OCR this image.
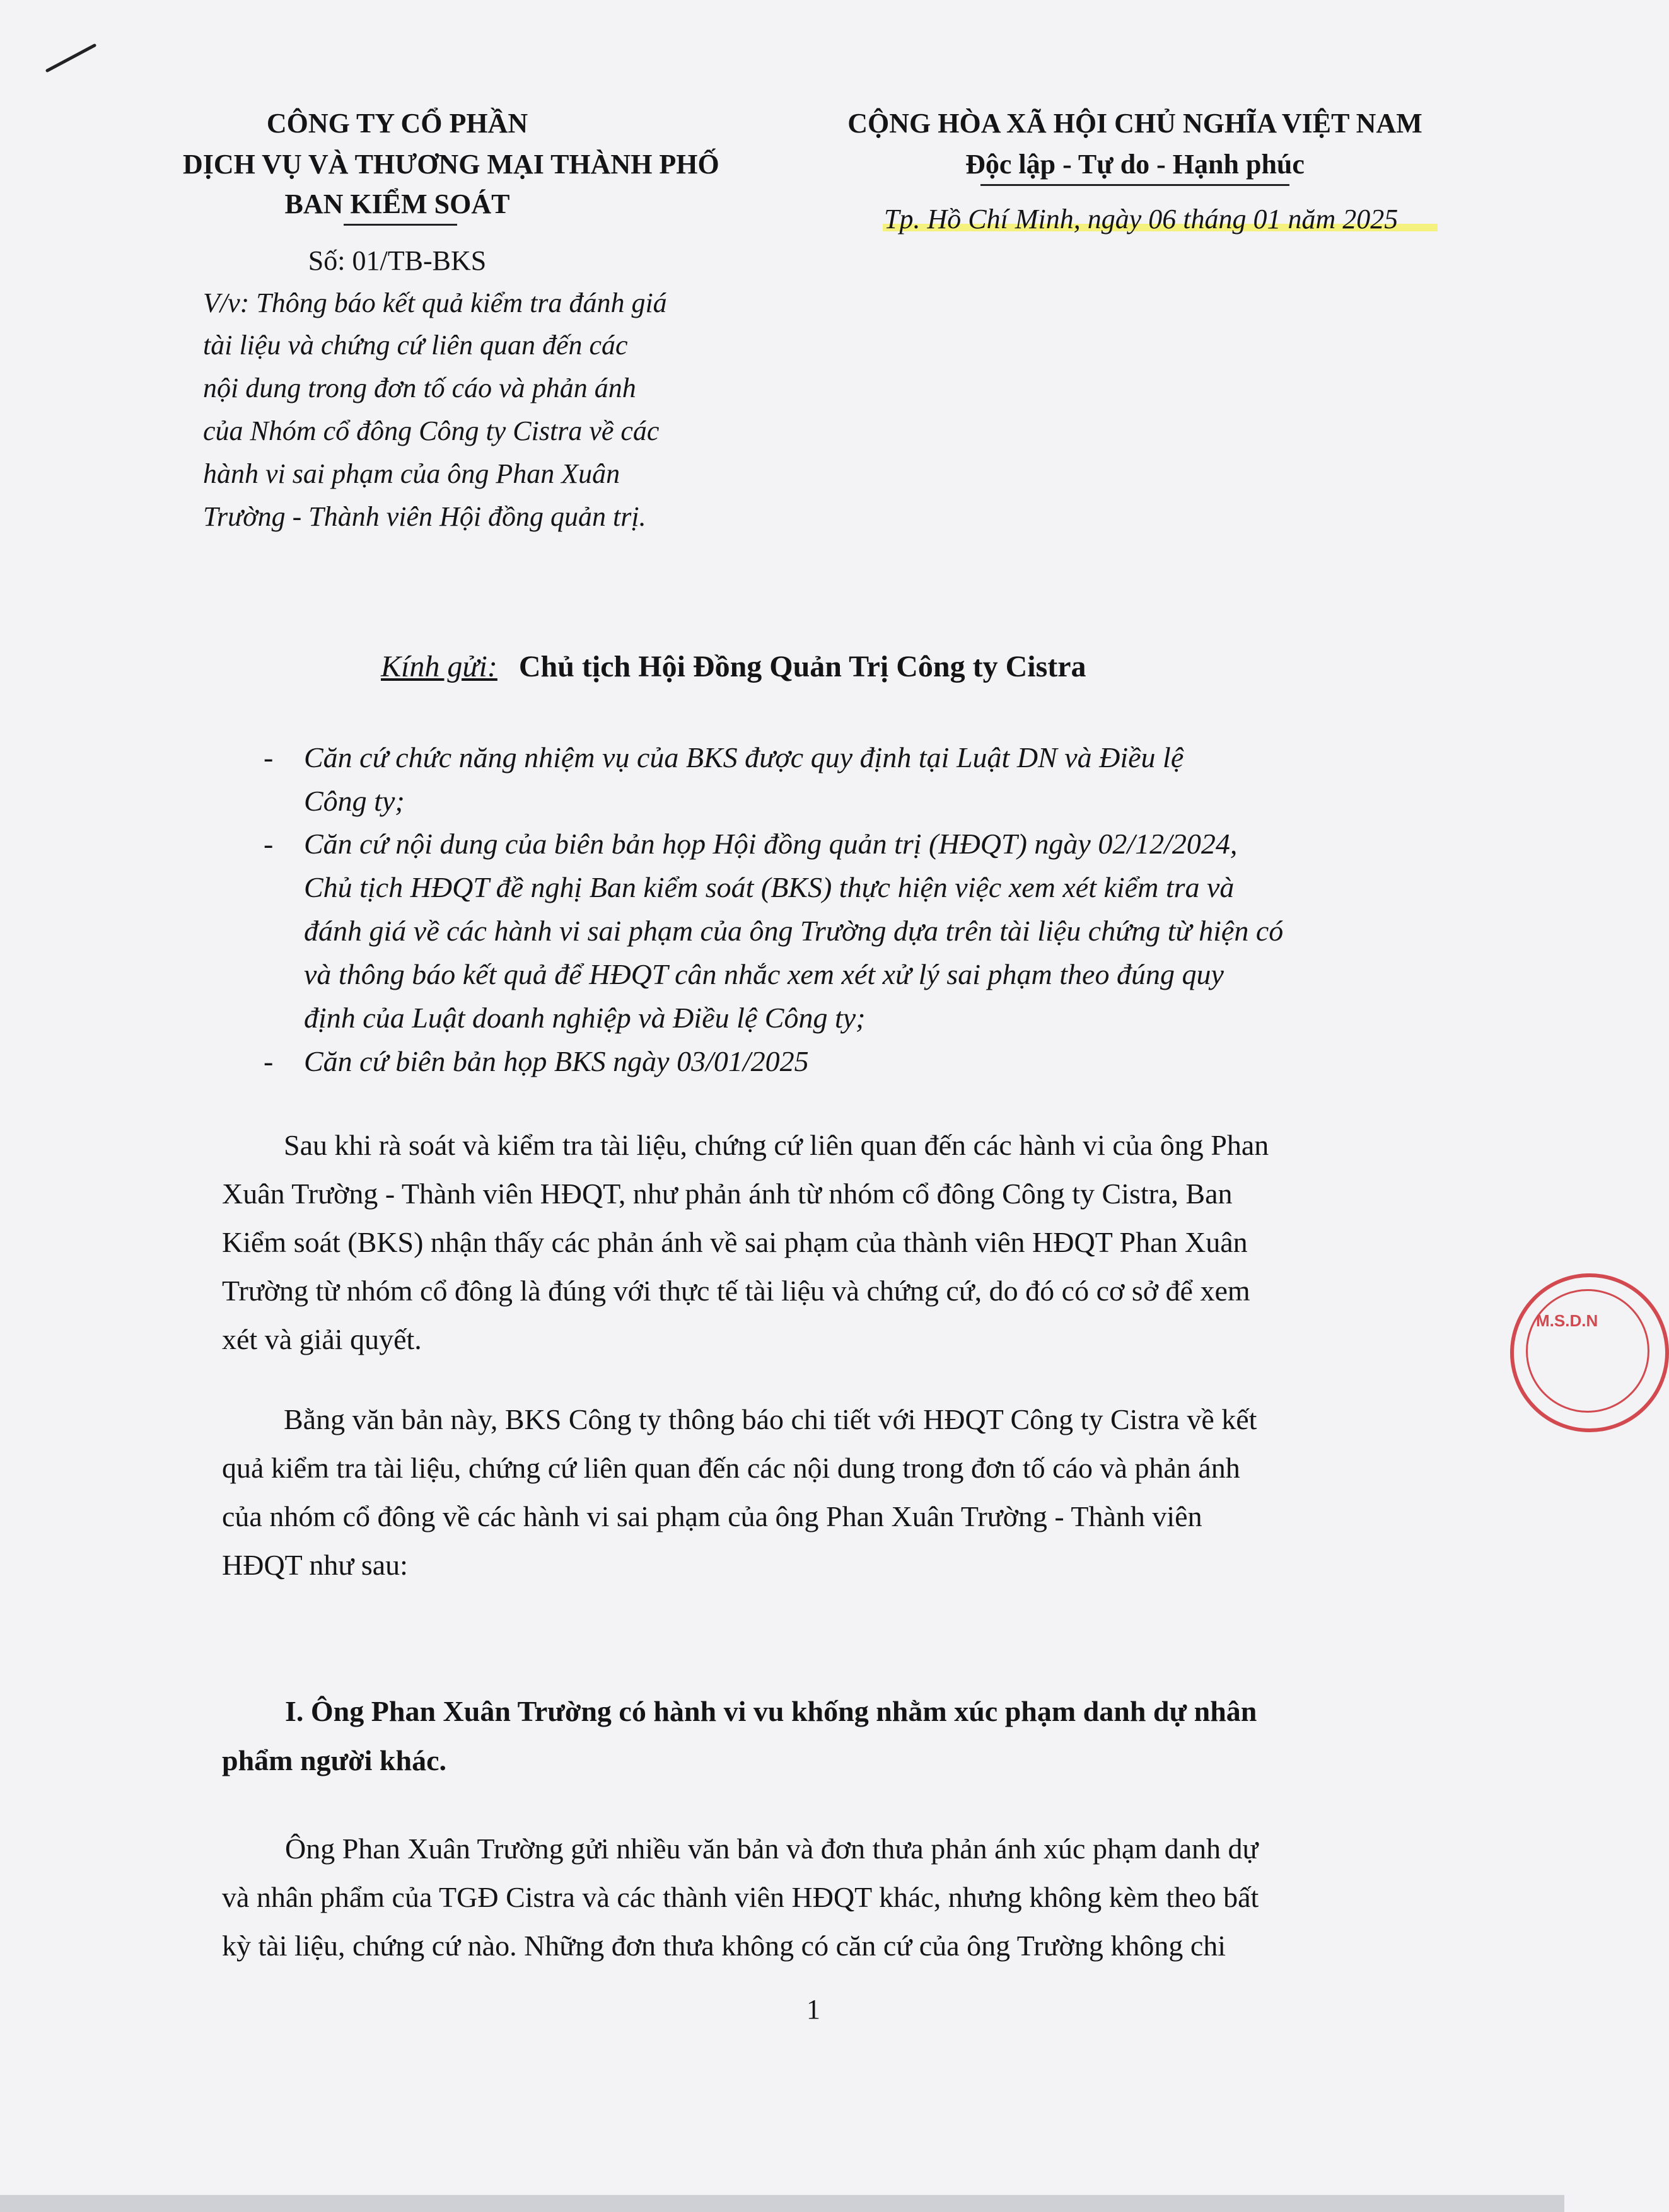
CÔNG TY CỔ PHẦN
DỊCH VỤ VÀ THƯƠNG MẠI THÀNH PHỐ
BAN KIỂM SOÁT
Số: 01/TB-BKS
V/v: Thông báo kết quả kiểm tra đánh giá
tài liệu và chứng cứ liên quan đến các
nội dung trong đơn tố cáo và phản ánh
của Nhóm cổ đông Công ty Cistra về các
hành vi sai phạm của ông Phan Xuân
Trường - Thành viên Hội đồng quản trị.
CỘNG HÒA XÃ HỘI CHỦ NGHĨA VIỆT NAM
Độc lập - Tự do - Hạnh phúc
Tp. Hồ Chí Minh, ngày 06 tháng 01 năm 2025
Kính gửi: Chủ tịch Hội Đồng Quản Trị Công ty Cistra
- Căn cứ chức năng nhiệm vụ của BKS được quy định tại Luật DN và Điều lệ
Công ty;
- Căn cứ nội dung của biên bản họp Hội đồng quản trị (HĐQT) ngày 02/12/2024,
Chủ tịch HĐQT đề nghị Ban kiểm soát (BKS) thực hiện việc xem xét kiểm tra và
đánh giá về các hành vi sai phạm của ông Trường dựa trên tài liệu chứng từ hiện có
và thông báo kết quả để HĐQT cân nhắc xem xét xử lý sai phạm theo đúng quy
định của Luật doanh nghiệp và Điều lệ Công ty;
- Căn cứ biên bản họp BKS ngày 03/01/2025
Sau khi rà soát và kiểm tra tài liệu, chứng cứ liên quan đến các hành vi của ông Phan
Xuân Trường - Thành viên HĐQT, như phản ánh từ nhóm cổ đông Công ty Cistra, Ban
Kiểm soát (BKS) nhận thấy các phản ánh về sai phạm của thành viên HĐQT Phan Xuân
Trường từ nhóm cổ đông là đúng với thực tế tài liệu và chứng cứ, do đó có cơ sở để xem
xét và giải quyết.
Bằng văn bản này, BKS Công ty thông báo chi tiết với HĐQT Công ty Cistra về kết
quả kiểm tra tài liệu, chứng cứ liên quan đến các nội dung trong đơn tố cáo và phản ánh
của nhóm cổ đông về các hành vi sai phạm của ông Phan Xuân Trường - Thành viên
HĐQT như sau:
I. Ông Phan Xuân Trường có hành vi vu khống nhằm xúc phạm danh dự nhân
phẩm người khác.
Ông Phan Xuân Trường gửi nhiều văn bản và đơn thưa phản ánh xúc phạm danh dự
và nhân phẩm của TGĐ Cistra và các thành viên HĐQT khác, nhưng không kèm theo bất
kỳ tài liệu, chứng cứ nào. Những đơn thưa không có căn cứ của ông Trường không chi
1
M.S.D.N
